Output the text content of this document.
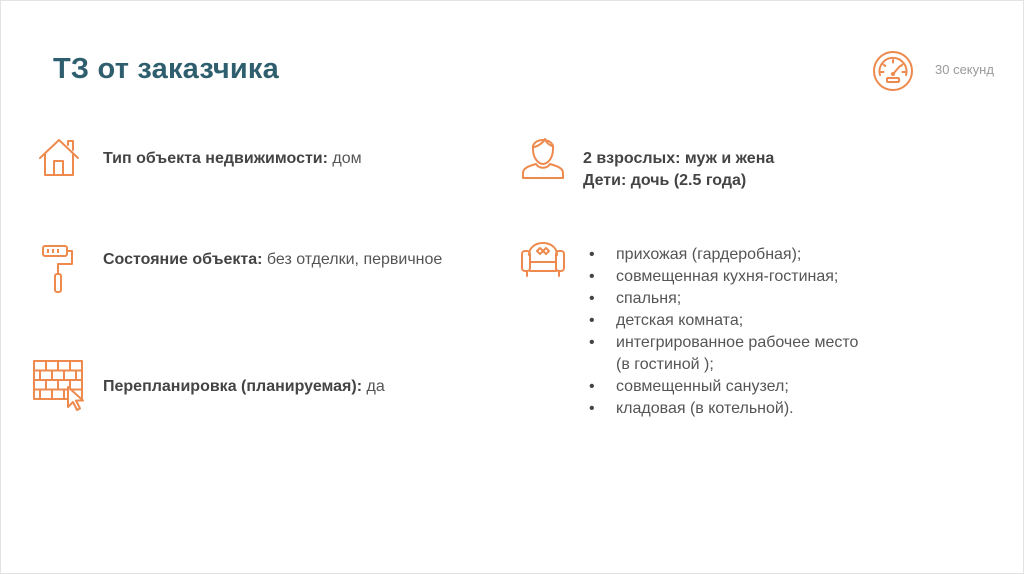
ТЗ от заказчика	30 секунд
Тип объекта недвижимости: дом
Состояние объекта: без отделки, первичное
Перепланировка (планируемая): да
2 взрослых: муж и жена
Дети: дочь (2.5 года)
• прихожая (гардеробная);
• совмещенная кухня-гостиная;
• спальня;
• детская комната;
• интегрированное рабочее место (в гостиной );
• совмещенный санузел;
• кладовая (в котельной).
